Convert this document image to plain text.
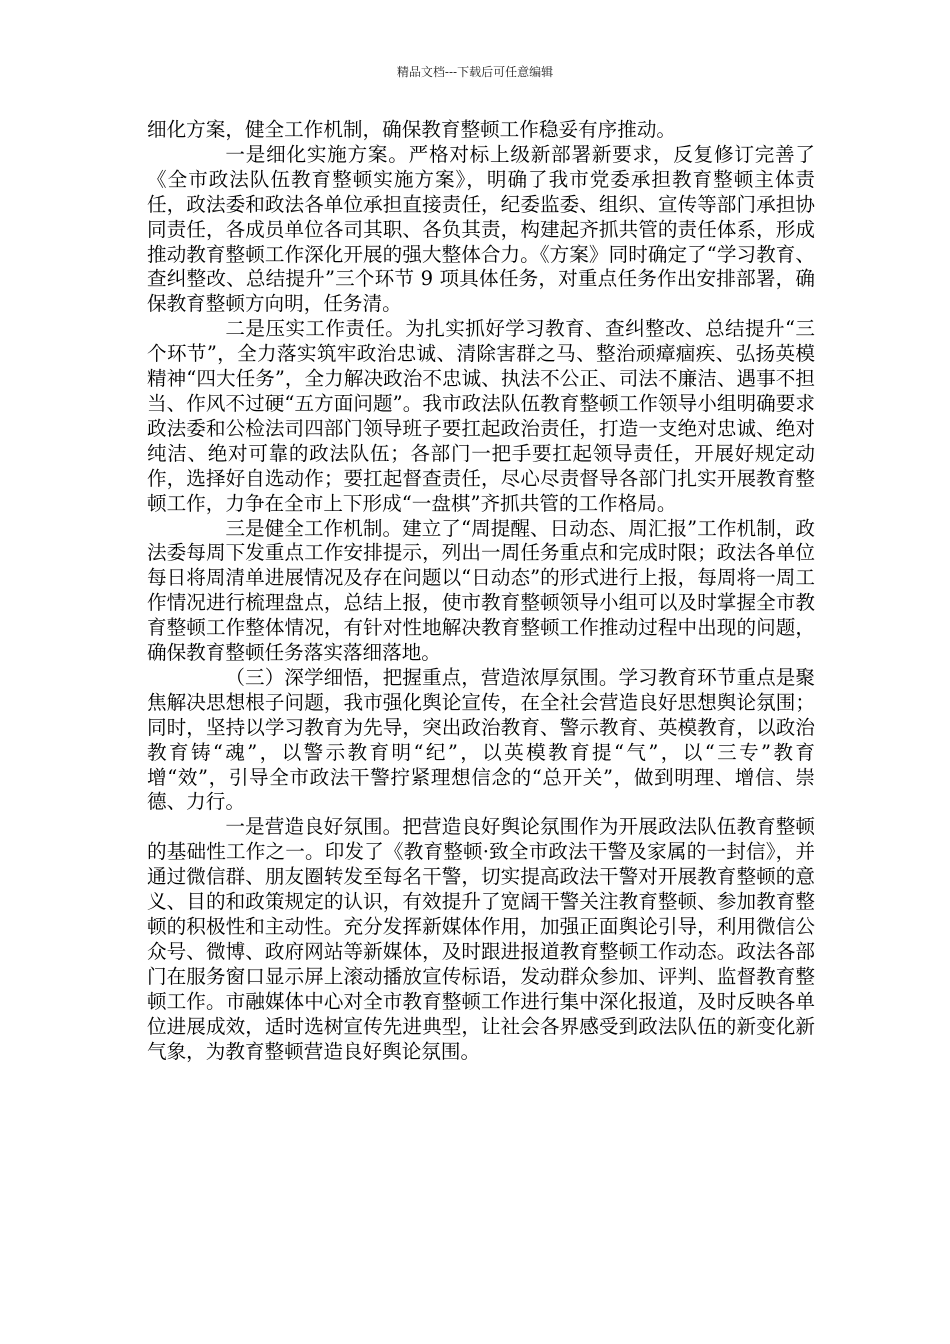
精品文档---下载后可任意编辑

细化方案，健全工作机制，确保教育整顿工作稳妥有序推动。

一是细化实施方案。严格对标上级新部署新要求，反复修订完善了《全市政法队伍教育整顿实施方案》，明确了我市党委承担教育整顿主体责任，政法委和政法各单位承担直接责任，纪委监委、组织、宣传等部门承担协同责任，各成员单位各司其职、各负其责，构建起齐抓共管的责任体系，形成推动教育整顿工作深化开展的强大整体合力。《方案》同时确定了“学习教育、查纠整改、总结提升”三个环节 9 项具体任务，对重点任务作出安排部署，确保教育整顿方向明，任务清。

二是压实工作责任。为扎实抓好学习教育、查纠整改、总结提升“三个环节”，全力落实筑牢政治忠诚、清除害群之马、整治顽瘴痼疾、弘扬英模精神“四大任务”，全力解决政治不忠诚、执法不公正、司法不廉洁、遇事不担当、作风不过硬“五方面问题”。我市政法队伍教育整顿工作领导小组明确要求政法委和公检法司四部门领导班子要扛起政治责任，打造一支绝对忠诚、绝对纯洁、绝对可靠的政法队伍；各部门一把手要扛起领导责任，开展好规定动作，选择好自选动作；要扛起督查责任，尽心尽责督导各部门扎实开展教育整顿工作，力争在全市上下形成“一盘棋”齐抓共管的工作格局。

三是健全工作机制。建立了“周提醒、日动态、周汇报”工作机制，政法委每周下发重点工作安排提示，列出一周任务重点和完成时限；政法各单位每日将周清单进展情况及存在问题以“日动态”的形式进行上报，每周将一周工作情况进行梳理盘点，总结上报，使市教育整顿领导小组可以及时掌握全市教育整顿工作整体情况，有针对性地解决教育整顿工作推动过程中出现的问题，确保教育整顿任务落实落细落地。

（三）深学细悟，把握重点，营造浓厚氛围。学习教育环节重点是聚焦解决思想根子问题，我市强化舆论宣传，在全社会营造良好思想舆论氛围；同时，坚持以学习教育为先导，突出政治教育、警示教育、英模教育，以政治教育铸“魂”，以警示教育明“纪”，以英模教育提“气”，以“三专”教育增“效”，引导全市政法干警拧紧理想信念的“总开关”，做到明理、增信、崇德、力行。

一是营造良好氛围。把营造良好舆论氛围作为开展政法队伍教育整顿的基础性工作之一。印发了《教育整顿·致全市政法干警及家属的一封信》，并通过微信群、朋友圈转发至每名干警，切实提高政法干警对开展教育整顿的意义、目的和政策规定的认识，有效提升了宽阔干警关注教育整顿、参加教育整顿的积极性和主动性。充分发挥新媒体作用，加强正面舆论引导，利用微信公众号、微博、政府网站等新媒体，及时跟进报道教育整顿工作动态。政法各部门在服务窗口显示屏上滚动播放宣传标语，发动群众参加、评判、监督教育整顿工作。市融媒体中心对全市教育整顿工作进行集中深化报道，及时反映各单位进展成效，适时选树宣传先进典型，让社会各界感受到政法队伍的新变化新气象，为教育整顿营造良好舆论氛围。
